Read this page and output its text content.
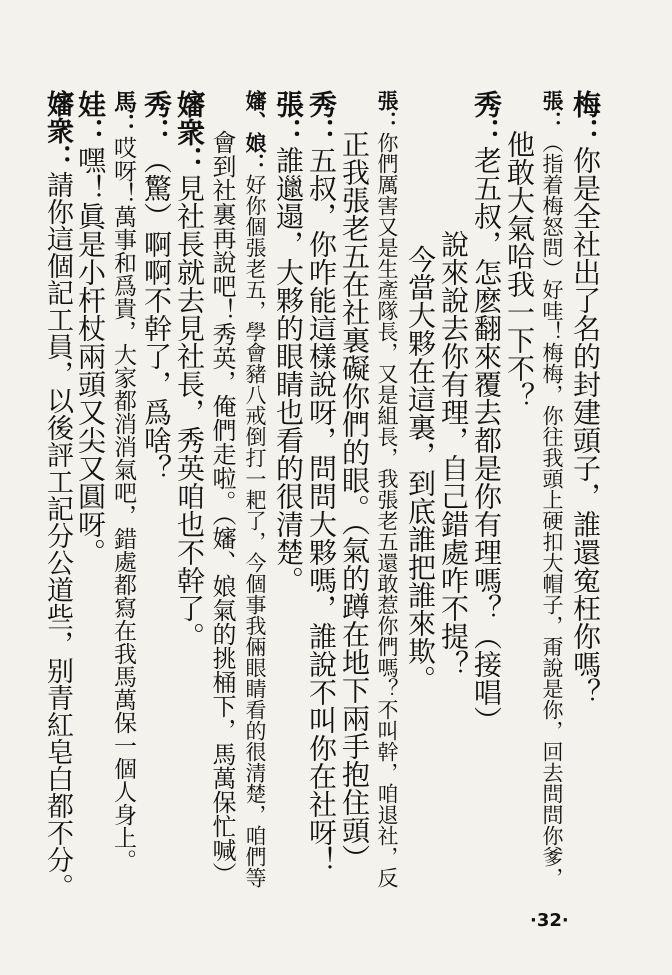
梅：你是全社出了名的封建頭子，誰還寃枉你嗎？
張：（指着梅怒問）好哇！梅梅，你往我頭上硬扣大帽子，甭說是你，回去問問你爹，
他敢大氣哈我一下不？
秀：老五叔，怎麽翻來覆去都是你有理嗎？（接唱）
說來說去你有理，自己錯處咋不提？
今當大夥在這裏，到底誰把誰來欺。
張：你們厲害又是生產隊長，又是組長，我張老五還敢惹你們嗎？不叫幹，咱退社，反
正我張老五在社裏礙你們的眼。（氣的蹲在地下兩手抱住頭）
秀：五叔，你咋能這樣說呀，問問大夥嗎，誰說不叫你在社呀！
張：誰邋遢，大夥的眼睛也看的很清楚。
嬸、娘：好你個張老五，學會豬八戒倒打一耙了，今個事我倆眼睛看的很清楚，咱們等
會到社裏再說吧！秀英，俺們走啦。（嬸、娘氣的挑桶下，馬萬保忙喊）
嬸衆：見社長就去見社長，秀英咱也不幹了。
秀：（驚）啊啊不幹了，爲啥？
馬：哎呀！萬事和爲貴，大家都消消氣吧，錯處都寫在我馬萬保一個人身上。
娃：嘿！眞是小杆杖兩頭又尖又圓呀。
嬸衆：請你這個記工員，以後評工記分公道些，别青紅皂白都不分。
·32·
